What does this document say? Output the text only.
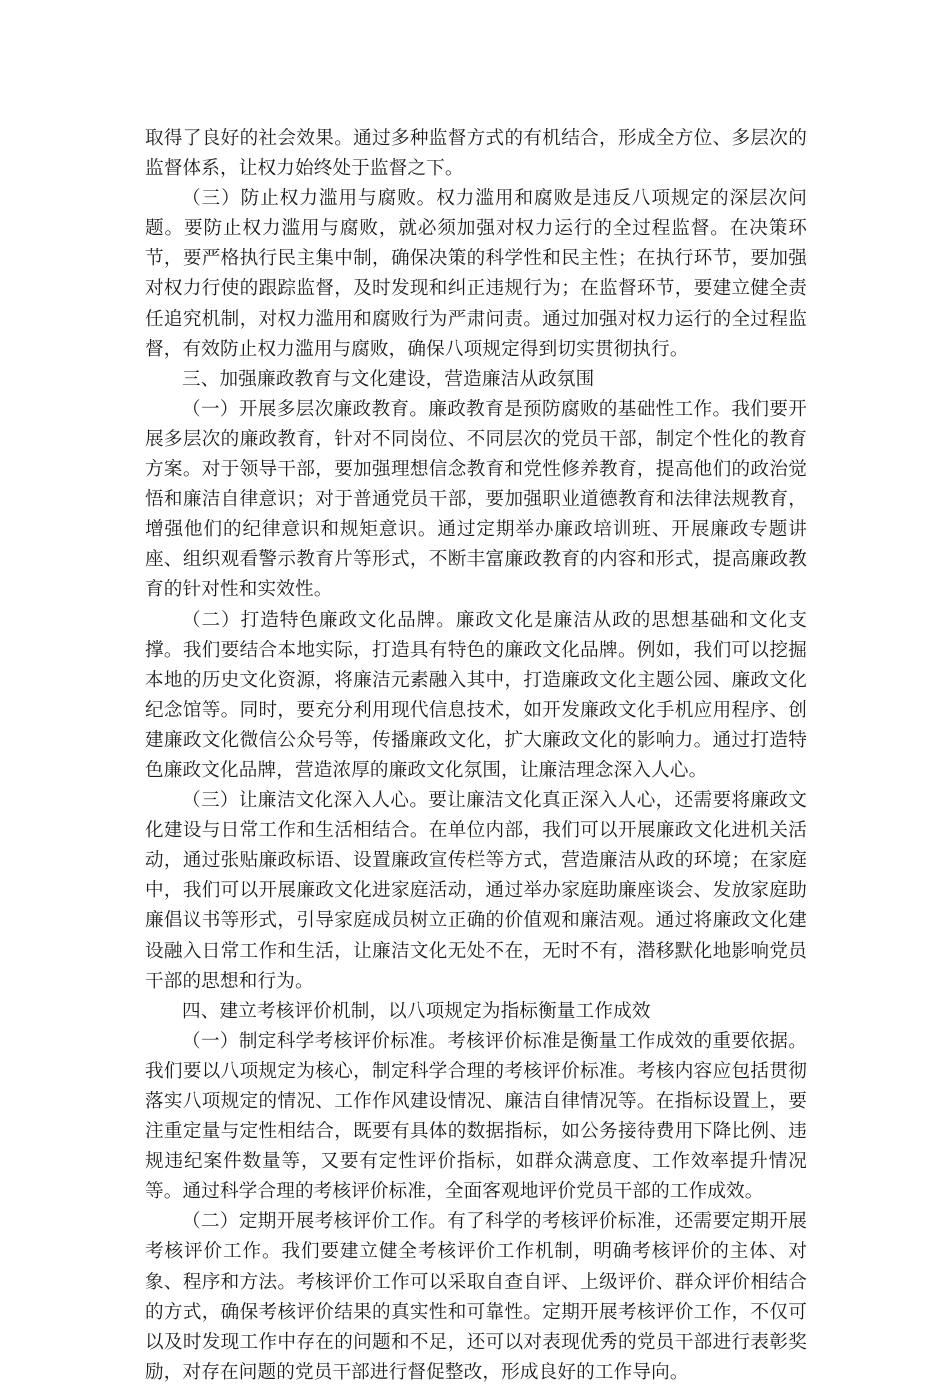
取得了良好的社会效果。通过多种监督方式的有机结合，形成全方位、多层次的监督体系，让权力始终处于监督之下。

（三）防止权力滥用与腐败。权力滥用和腐败是违反八项规定的深层次问题。要防止权力滥用与腐败，就必须加强对权力运行的全过程监督。在决策环节，要严格执行民主集中制，确保决策的科学性和民主性；在执行环节，要加强对权力行使的跟踪监督，及时发现和纠正违规行为；在监督环节，要建立健全责任追究机制，对权力滥用和腐败行为严肃问责。通过加强对权力运行的全过程监督，有效防止权力滥用与腐败，确保八项规定得到切实贯彻执行。

三、加强廉政教育与文化建设，营造廉洁从政氛围

（一）开展多层次廉政教育。廉政教育是预防腐败的基础性工作。我们要开展多层次的廉政教育，针对不同岗位、不同层次的党员干部，制定个性化的教育方案。对于领导干部，要加强理想信念教育和党性修养教育，提高他们的政治觉悟和廉洁自律意识；对于普通党员干部，要加强职业道德教育和法律法规教育，增强他们的纪律意识和规矩意识。通过定期举办廉政培训班、开展廉政专题讲座、组织观看警示教育片等形式，不断丰富廉政教育的内容和形式，提高廉政教育的针对性和实效性。

（二）打造特色廉政文化品牌。廉政文化是廉洁从政的思想基础和文化支撑。我们要结合本地实际，打造具有特色的廉政文化品牌。例如，我们可以挖掘本地的历史文化资源，将廉洁元素融入其中，打造廉政文化主题公园、廉政文化纪念馆等。同时，要充分利用现代信息技术，如开发廉政文化手机应用程序、创建廉政文化微信公众号等，传播廉政文化，扩大廉政文化的影响力。通过打造特色廉政文化品牌，营造浓厚的廉政文化氛围，让廉洁理念深入人心。

（三）让廉洁文化深入人心。要让廉洁文化真正深入人心，还需要将廉政文化建设与日常工作和生活相结合。在单位内部，我们可以开展廉政文化进机关活动，通过张贴廉政标语、设置廉政宣传栏等方式，营造廉洁从政的环境；在家庭中，我们可以开展廉政文化进家庭活动，通过举办家庭助廉座谈会、发放家庭助廉倡议书等形式，引导家庭成员树立正确的价值观和廉洁观。通过将廉政文化建设融入日常工作和生活，让廉洁文化无处不在，无时不有，潜移默化地影响党员干部的思想和行为。

四、建立考核评价机制，以八项规定为指标衡量工作成效

（一）制定科学考核评价标准。考核评价标准是衡量工作成效的重要依据。我们要以八项规定为核心，制定科学合理的考核评价标准。考核内容应包括贯彻落实八项规定的情况、工作作风建设情况、廉洁自律情况等。在指标设置上，要注重定量与定性相结合，既要有具体的数据指标，如公务接待费用下降比例、违规违纪案件数量等，又要有定性评价指标，如群众满意度、工作效率提升情况等。通过科学合理的考核评价标准，全面客观地评价党员干部的工作成效。

（二）定期开展考核评价工作。有了科学的考核评价标准，还需要定期开展考核评价工作。我们要建立健全考核评价工作机制，明确考核评价的主体、对象、程序和方法。考核评价工作可以采取自查自评、上级评价、群众评价相结合的方式，确保考核评价结果的真实性和可靠性。定期开展考核评价工作，不仅可以及时发现工作中存在的问题和不足，还可以对表现优秀的党员干部进行表彰奖励，对存在问题的党员干部进行督促整改，形成良好的工作导向。
